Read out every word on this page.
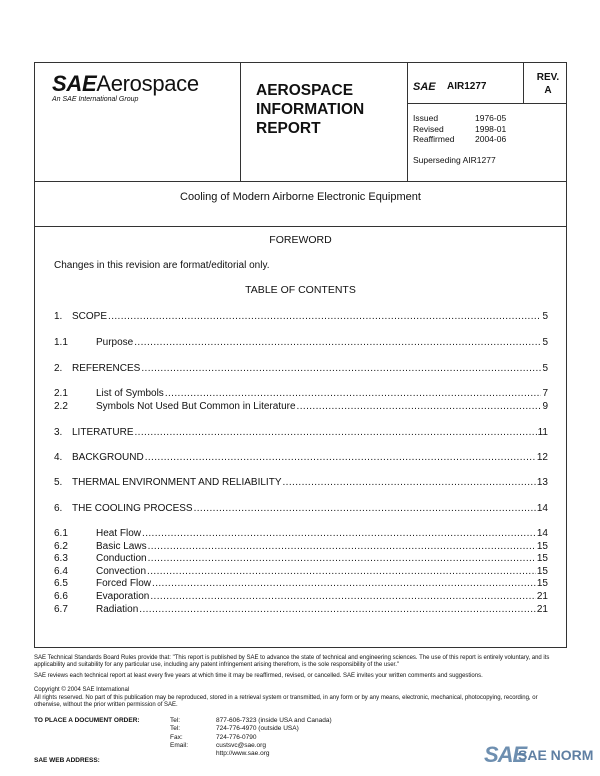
SAEAerospace
An SAE International Group
AEROSPACE
INFORMATION
REPORT
SAE AIR1277
REV.
A
Issued	1976-05
Revised	1998-01
Reaffirmed 2004-06
Superseding AIR1277
Cooling of Modern Airborne Electronic Equipment
FOREWORD
Changes in this revision are format/editorial only.
TABLE OF CONTENTS
1. SCOPE .....	5
1.1	Purpose .....	5
2. REFERENCES .....	5
2.1	List of Symbols .....	7
2.2	Symbols Not Used But Common in Literature .....	9
3. LITERATURE .....	11
4. BACKGROUND .....	12
5. THERMAL ENVIRONMENT AND RELIABILITY .....	13
6. THE COOLING PROCESS .....	14
6.1	Heat Flow .....	14
6.2	Basic Laws .....	15
6.3	Conduction .....	15
6.4	Convection .....	15
6.5	Forced Flow .....	15
6.6	Evaporation .....	21
6.7	Radiation .....	21
SAE Technical Standards Board Rules provide that: "This report is published by SAE to advance the state of technical and engineering sciences. The use of this report is entirely voluntary, and its applicability and suitability for any particular use, including any patent infringement arising therefrom, is the sole responsibility of the user."
SAE reviews each technical report at least every five years at which time it may be reaffirmed, revised, or cancelled. SAE invites your written comments and suggestions.
Copyright © 2004 SAE International
All rights reserved. No part of this publication may be reproduced, stored in a retrieval system or transmitted, in any form or by any means, electronic, mechanical, photocopying, recording, or otherwise, without the prior written permission of SAE.
TO PLACE A DOCUMENT ORDER:	Tel:	877-606-7323 (inside USA and Canada)
Tel:	724-776-4970 (outside USA)
Fax:	724-776-0790
Email:	custsvc@sae.org
http://www.sae.org
SAE WEB ADDRESS:	SAE
SAE NORM
